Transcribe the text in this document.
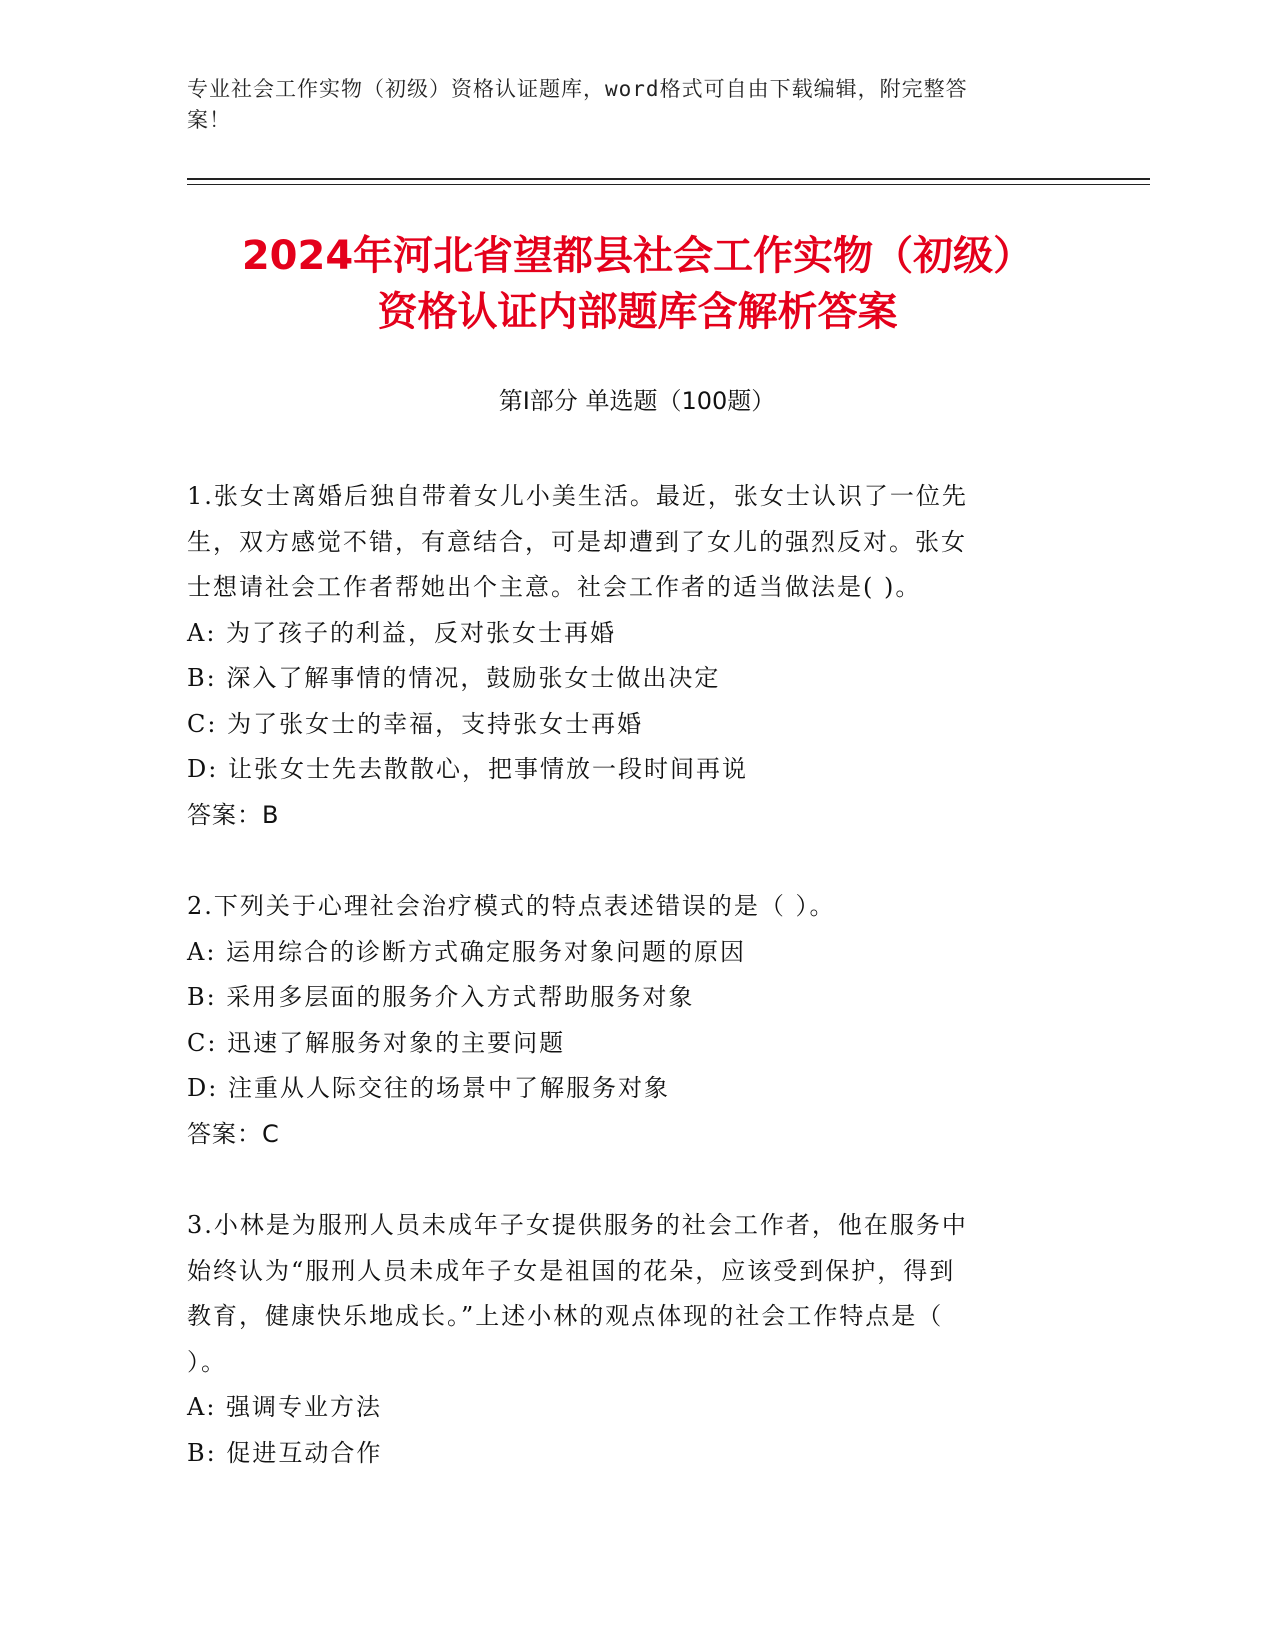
专业社会工作实物（初级）资格认证题库，word格式可自由下载编辑，附完整答
案！
2024年河北省望都县社会工作实物（初级）
资格认证内部题库含解析答案
第Ⅰ部分 单选题（100题）
1.张女士离婚后独自带着女儿小美生活。最近，张女士认识了一位先
生，双方感觉不错，有意结合，可是却遭到了女儿的强烈反对。张女
士想请社会工作者帮她出个主意。社会工作者的适当做法是( )。
A: 为了孩子的利益，反对张女士再婚
B: 深入了解事情的情况，鼓励张女士做出决定
C: 为了张女士的幸福，支持张女士再婚
D: 让张女士先去散散心，把事情放一段时间再说
答案：B
2.下列关于心理社会治疗模式的特点表述错误的是（ ）。
A: 运用综合的诊断方式确定服务对象问题的原因
B: 采用多层面的服务介入方式帮助服务对象
C: 迅速了解服务对象的主要问题
D: 注重从人际交往的场景中了解服务对象
答案：C
3.小林是为服刑人员未成年子女提供服务的社会工作者，他在服务中
始终认为“服刑人员未成年子女是祖国的花朵，应该受到保护，得到
教育，健康快乐地成长。”上述小林的观点体现的社会工作特点是（
）。
A: 强调专业方法
B: 促进互动合作
